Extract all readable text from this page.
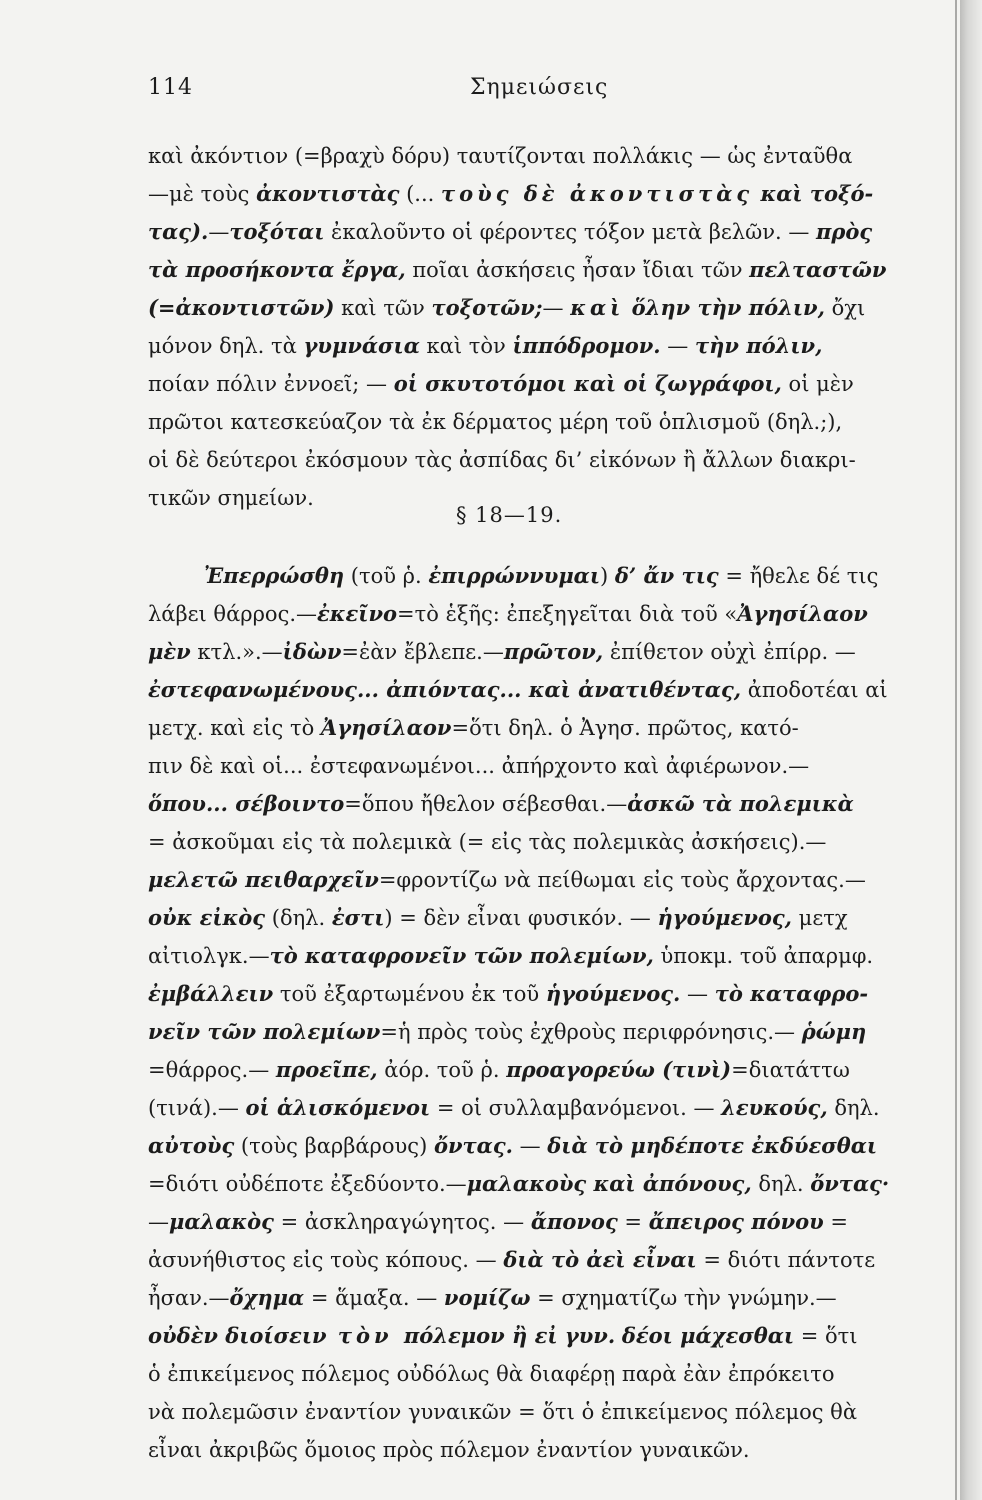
114	Σημειώσεις
καὶ ἀκόντιον (=βραχὺ δόρυ) ταυτίζονται πολλάκις — ὡς ἐνταῦθα
—μὲ τοὺς ἀκοντιστὰς (... τοὺς δὲ ἀκοντιστὰς καὶ τοξό-
τας).—τοξόται ἐκαλοῦντο οἱ φέροντες τόξον μετὰ βελῶν. — πρὸς
τὰ προσήκοντα ἔργα, ποῖαι ἀσκήσεις ἦσαν ἴδιαι τῶν πελταστῶν
(=ἀκοντιστῶν) καὶ τῶν τοξοτῶν;— καὶ ὅλην τὴν πόλιν, ὄχι
μόνον δηλ. τὰ γυμνάσια καὶ τὸν ἱππόδρομον. — τὴν πόλιν,
ποίαν πόλιν ἐννοεῖ; — οἱ σκυτοτόμοι καὶ οἱ ζωγράφοι, οἱ μὲν
πρῶτοι κατεσκεύαζον τὰ ἐκ δέρματος μέρη τοῦ ὁπλισμοῦ (δηλ.;),
οἱ δὲ δεύτεροι ἐκόσμουν τὰς ἀσπίδας δι’ εἰκόνων ἢ ἄλλων διακρι-
τικῶν σημείων.
§ 18—19.
Ἐπερρώσθη (τοῦ ῥ. ἐπιρρώννυμαι) δ’ ἄν τις = ἤθελε δέ τις
λάβει θάρρος.—ἐκεῖνο=τὸ ἑξῆς: ἐπεξηγεῖται διὰ τοῦ «Ἀγησίλαον
μὲν κτλ.».—ἰδὼν=ἐὰν ἔβλεπε.—πρῶτον, ἐπίθετον οὐχὶ ἐπίρρ. —
ἐστεφανωμένους... ἀπιόντας... καὶ ἀνατιθέντας, ἀποδοτέαι αἱ
μετχ. καὶ εἰς τὸ Ἀγησίλαον=ὅτι δηλ. ὁ Ἀγησ. πρῶτος, κατό-
πιν δὲ καὶ οἱ... ἐστεφανωμένοι... ἀπήρχοντο καὶ ἀφιέρωνον.—
ὅπου... σέβοιντο=ὅπου ἤθελον σέβεσθαι.—ἀσκῶ τὰ πολεμικὰ
= ἀσκοῦμαι εἰς τὰ πολεμικὰ (= εἰς τὰς πολεμικὰς ἀσκήσεις).—
μελετῶ πειθαρχεῖν=φροντίζω νὰ πείθωμαι εἰς τοὺς ἄρχοντας.—
οὐκ εἰκὸς (δηλ. ἐστι) = δὲν εἶναι φυσικόν. — ἡγούμενος, μετχ
αἰτιολγκ.—τὸ καταφρονεῖν τῶν πολεμίων, ὑποκμ. τοῦ ἀπαρμφ.
ἐμβάλλειν τοῦ ἐξαρτωμένου ἐκ τοῦ ἡγούμενος. — τὸ καταφρο-
νεῖν τῶν πολεμίων=ἡ πρὸς τοὺς ἐχθροὺς περιφρόνησις.— ῥώμη
=θάρρος.— προεῖπε, ἀόρ. τοῦ ῥ. προαγορεύω (τινὶ)=διατάττω
(τινά).— οἱ ἁλισκόμενοι = οἱ συλλαμβανόμενοι. — λευκούς, δηλ.
αὐτοὺς (τοὺς βαρβάρους) ὄντας. — διὰ τὸ μηδέποτε ἐκδύεσθαι
=διότι οὐδέποτε ἐξεδύοντο.—μαλακοὺς καὶ ἀπόνους, δηλ. ὄντας·
—μαλακὸς = ἀσκληραγώγητος. — ἄπονος = ἄπειρος πόνου =
ἀσυνήθιστος εἰς τοὺς κόπους. — διὰ τὸ ἀεὶ εἶναι = διότι πάντοτε
ἦσαν.—ὄχημα = ἅμαξα. — νομίζω = σχηματίζω τὴν γνώμην.—
οὐδὲν διοίσειν τὸν πόλεμον ἢ εἰ γυν. δέοι μάχεσθαι = ὅτι
ὁ ἐπικείμενος πόλεμος οὐδόλως θὰ διαφέρῃ παρὰ ἐὰν ἐπρόκειτο
νὰ πολεμῶσιν ἐναντίον γυναικῶν = ὅτι ὁ ἐπικείμενος πόλεμος θὰ
εἶναι ἀκριβῶς ὅμοιος πρὸς πόλεμον ἐναντίον γυναικῶν.
